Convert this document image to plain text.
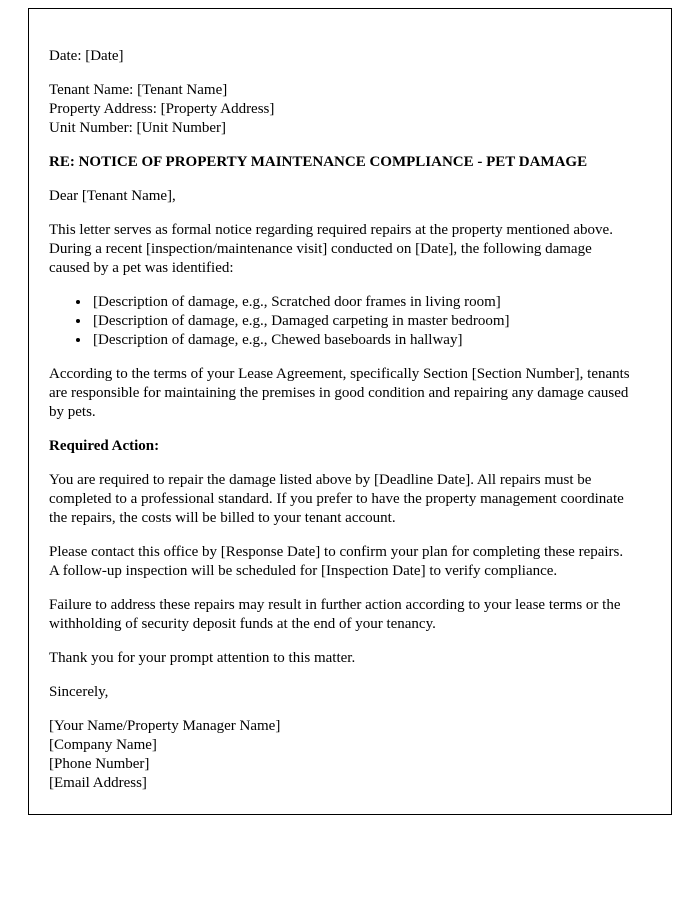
Date: [Date]

Tenant Name: [Tenant Name]

Property Address: [Property Address]

Unit Number: [Unit Number]

RE: NOTICE OF PROPERTY MAINTENANCE COMPLIANCE - PET DAMAGE

Dear [Tenant Name],

This letter serves as formal notice regarding required repairs at the property mentioned above. During a recent [inspection/maintenance visit] conducted on [Date], the following damage caused by a pet was identified:

• [Description of damage, e.g., Scratched door frames in living room]
• [Description of damage, e.g., Damaged carpeting in master bedroom]
• [Description of damage, e.g., Chewed baseboards in hallway]

According to the terms of your Lease Agreement, specifically Section [Section Number], tenants are responsible for maintaining the premises in good condition and repairing any damage caused by pets.

Required Action:

You are required to repair the damage listed above by [Deadline Date]. All repairs must be completed to a professional standard. If you prefer to have the property management coordinate the repairs, the costs will be billed to your tenant account.

Please contact this office by [Response Date] to confirm your plan for completing these repairs. A follow-up inspection will be scheduled for [Inspection Date] to verify compliance.

Failure to address these repairs may result in further action according to your lease terms or the withholding of security deposit funds at the end of your tenancy.

Thank you for your prompt attention to this matter.

Sincerely,

[Your Name/Property Manager Name]

[Company Name]

[Phone Number]

[Email Address]
